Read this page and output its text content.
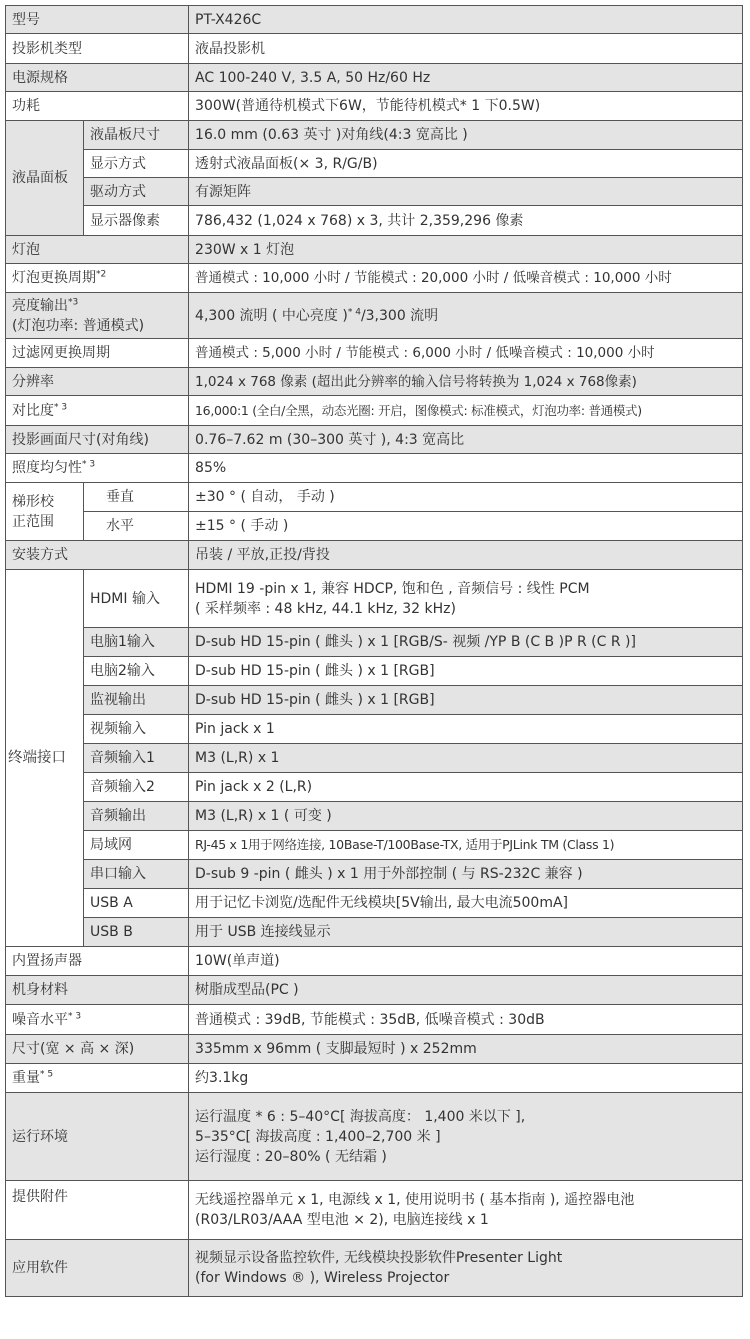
型号		PT-X426C
投影机类型		液晶投影机
电源规格		AC 100-240 V, 3.5 A, 50 Hz/60 Hz
功耗		300W(普通待机模式下6W，节能待机模式* 1 下0.5W)
液晶面板	液晶板尺寸	16.0 mm (0.63 英寸 )对角线(4:3 宽高比 )
	显示方式	透射式液晶面板(× 3, R/G/B)
	驱动方式	有源矩阵
	显示器像素	786,432 (1,024 x 768) x 3, 共计 2,359,296 像素
灯泡		230W x 1 灯泡
灯泡更换周期$^{*2}$		普通模式 : 10,000 小时 / 节能模式 : 20,000 小时 / 低噪音模式 : 10,000 小时

亮度输出$^{*3}$
(灯泡功率: 普通模式)		4,300 流明 ( 中心亮度 )$^{* 4}$/3,300 流明
过滤网更换周期		普通模式 : 5,000 小时 / 节能模式 : 6,000 小时 / 低噪音模式 : 10,000 小时
分辨率		1,024 x 768 像素 (超出此分辨率的输入信号将转换为 1,024 x 768像素)
对比度$^{* 3}$		16,000:1 (全白/全黑，动态光圈: 开启，图像模式: 标准模式，灯泡功率: 普通模式)
投影画面尺寸(对角线)		0.76–7.62 m (30–300 英寸 ), 4:3 宽高比
照度均匀性$^{* 3}$		85%

梯形校
正范围	垂直	±30 ° ( 自动， 手动 )
	水平	±15 ° ( 手动 )
安装方式		吊装 / 平放,正投/背投
终端接口	HDMI 输入	HDMI 19 -pin x 1, 兼容 HDCP, 饱和色 , 音频信号 : 线性 PCM
( 采样频率 : 48 kHz, 44.1 kHz, 32 kHz)

	电脑1输入	D-sub HD 15-pin ( 雌头 ) x 1 [RGB/S- 视频 /YP B (C B )P R (C R )]
	电脑2输入	D-sub HD 15-pin ( 雌头 ) x 1 [RGB]
	监视输出	D-sub HD 15-pin ( 雌头 ) x 1 [RGB]
	视频输入	Pin jack x 1
	音频输入1	M3 (L,R) x 1
	音频输入2	Pin jack x 2 (L,R)
	音频输出	M3 (L,R) x 1 ( 可变 )
	局域网	RJ-45 x 1用于网络连接, 10Base-T/100Base-TX, 适用于PJLink TM (Class 1)
	串口输入	D-sub 9 -pin ( 雌头 ) x 1 用于外部控制 ( 与 RS-232C 兼容 )
	USB A	用于记忆卡浏览/选配件无线模块[5V输出, 最大电流500mA]
	USB B	用于 USB 连接线显示
内置扬声器		10W(单声道)
机身材料		树脂成型品(PC )
噪音水平$^{* 3}$		普通模式 : 39dB, 节能模式 : 35dB, 低噪音模式 : 30dB
尺寸(宽 × 高 × 深)		335mm x 96mm ( 支脚最短时 ) x 252mm
重量$^{* 5}$		约3.1kg
运行环境		运行温度 * 6 : 5–40°C[ 海拔高度： 1,400 米以下 ],
5–35°C[ 海拔高度 : 1,400–2,700 米 ]
运行湿度 : 20–80% ( 无结霜 )

提供附件		无线遥控器单元 x 1, 电源线 x 1, 使用说明书 ( 基本指南 ), 遥控器电池
(R03/LR03/AAA 型电池 × 2), 电脑连接线 x 1

应用软件		视频显示设备监控软件, 无线模块投影软件Presenter Light
(for Windows ® ), Wireless Projector
